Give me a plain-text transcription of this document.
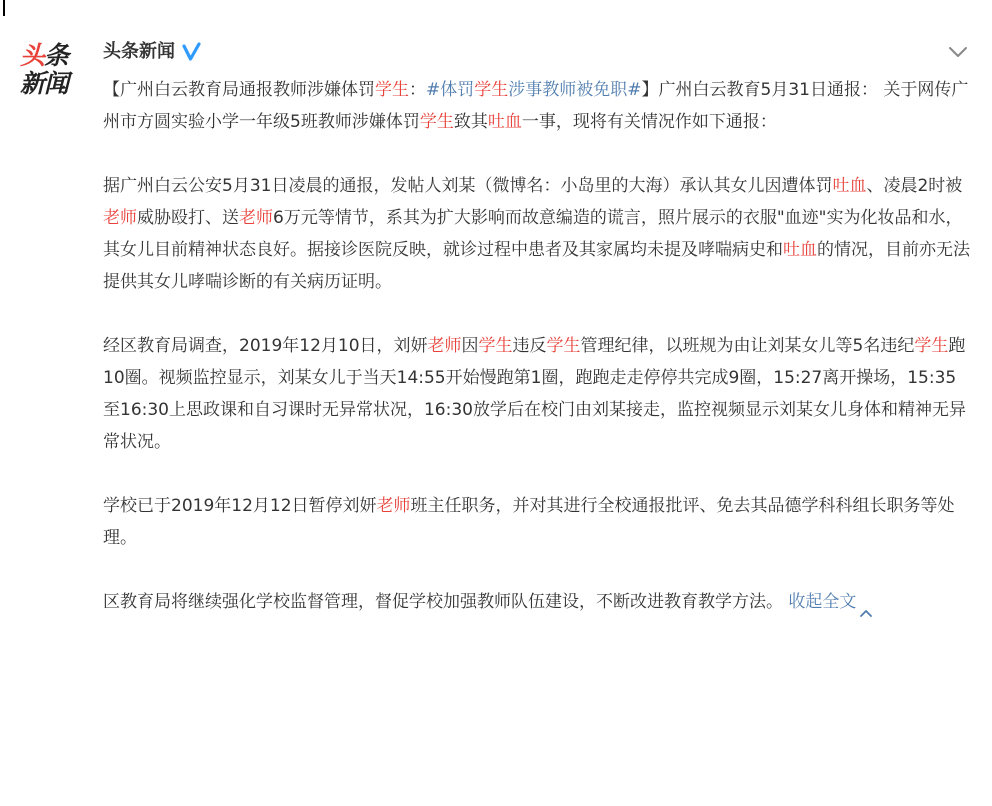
头条
新闻
头条新闻

【广州白云教育局通报教师涉嫌体罚学生：#体罚学生涉事教师被免职#】广州白云教育5月31日通报： 关于网传广州市方圆实验小学一年级5班教师涉嫌体罚学生致其吐血一事，现将有关情况作如下通报：

据广州白云公安5月31日凌晨的通报，发帖人刘某（微博名：小岛里的大海）承认其女儿因遭体罚吐血、凌晨2时被老师威胁殴打、送老师6万元等情节，系其为扩大影响而故意编造的谎言，照片展示的衣服"血迹"实为化妆品和水，其女儿目前精神状态良好。据接诊医院反映，就诊过程中患者及其家属均未提及哮喘病史和吐血的情况，目前亦无法提供其女儿哮喘诊断的有关病历证明。

经区教育局调查，2019年12月10日，刘妍老师因学生违反学生管理纪律，以班规为由让刘某女儿等5名违纪学生跑10圈。视频监控显示，刘某女儿于当天14:55开始慢跑第1圈，跑跑走走停停共完成9圈，15:27离开操场，15:35至16:30上思政课和自习课时无异常状况，16:30放学后在校门由刘某接走，监控视频显示刘某女儿身体和精神无异常状况。

学校已于2019年12月12日暂停刘妍老师班主任职务，并对其进行全校通报批评、免去其品德学科科组长职务等处理。

区教育局将继续强化学校监督管理，督促学校加强教师队伍建设，不断改进教育教学方法。 收起全文
